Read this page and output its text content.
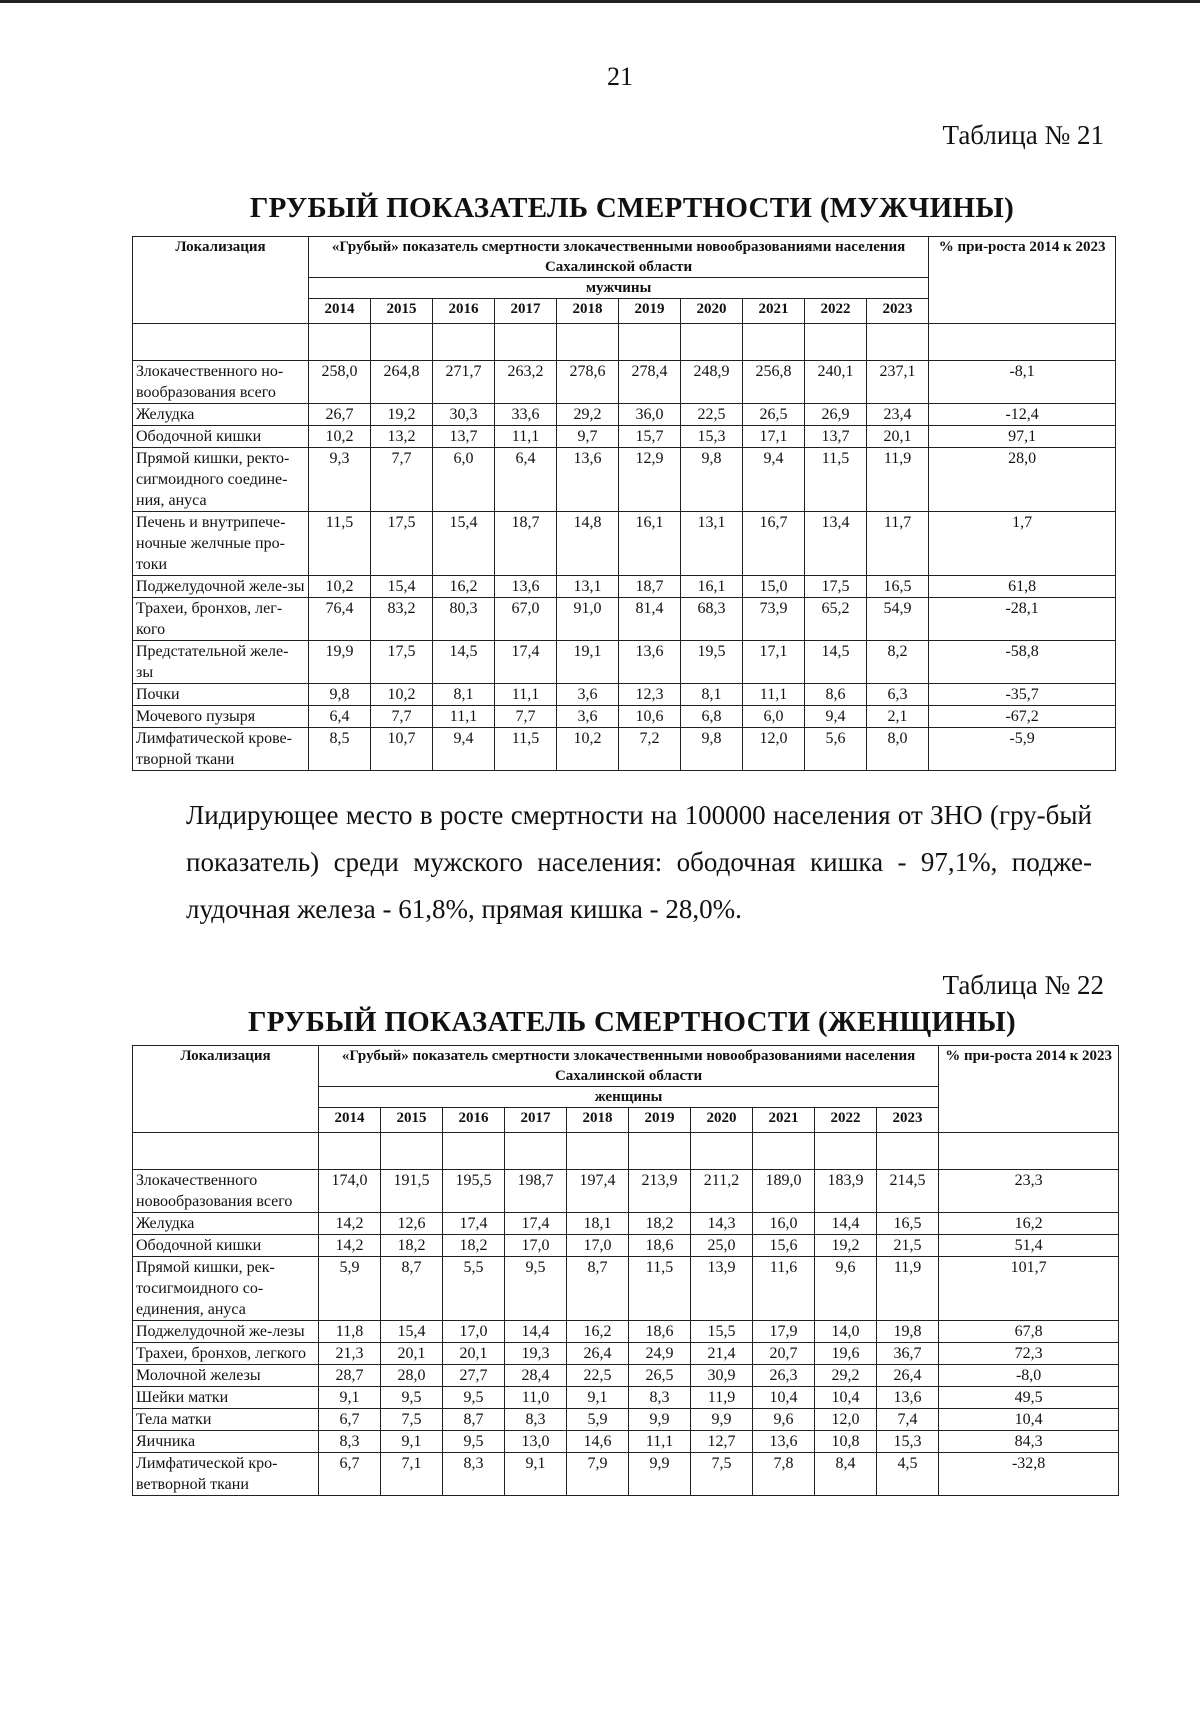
21
Таблица № 21
ГРУБЫЙ ПОКАЗАТЕЛЬ СМЕРТНОСТИ (МУЖЧИНЫ)
Локализация	«Грубый» показатель смертности злокачественными новообразованиями населения Сахалинской области										% при-роста 2014 к 2023
	мужчины										
	2014	2015	2016	2017	2018	2019	2020	2021	2022	2023	

Злокачественного но-вообразования всего	258,0	264,8	271,7	263,2	278,6	278,4	248,9	256,8	240,1	237,1	-8,1
Желудка	26,7	19,2	30,3	33,6	29,2	36,0	22,5	26,5	26,9	23,4	-12,4
Ободочной кишки	10,2	13,2	13,7	11,1	9,7	15,7	15,3	17,1	13,7	20,1	97,1
Прямой кишки, ректо-сигмоидного соедине-ния, ануса	9,3	7,7	6,0	6,4	13,6	12,9	9,8	9,4	11,5	11,9	28,0
Печень и внутрипече-ночные желчные про-токи	11,5	17,5	15,4	18,7	14,8	16,1	13,1	16,7	13,4	11,7	1,7
Поджелудочной желе-зы	10,2	15,4	16,2	13,6	13,1	18,7	16,1	15,0	17,5	16,5	61,8
Трахеи, бронхов, лег-кого	76,4	83,2	80,3	67,0	91,0	81,4	68,3	73,9	65,2	54,9	-28,1
Предстательной желе-зы	19,9	17,5	14,5	17,4	19,1	13,6	19,5	17,1	14,5	8,2	-58,8
Почки	9,8	10,2	8,1	11,1	3,6	12,3	8,1	11,1	8,6	6,3	-35,7
Мочевого пузыря	6,4	7,7	11,1	7,7	3,6	10,6	6,8	6,0	9,4	2,1	-67,2
Лимфатической крове-творной ткани	8,5	10,7	9,4	11,5	10,2	7,2	9,8	12,0	5,6	8,0	-5,9
Лидирующее место в росте смертности на 100000 населения от ЗНО (гру-бый показатель) среди мужского населения: ободочная кишка - 97,1%, подже-лудочная железа - 61,8%, прямая кишка - 28,0%.
Таблица № 22
ГРУБЫЙ ПОКАЗАТЕЛЬ СМЕРТНОСТИ (ЖЕНЩИНЫ)
Локализация	«Грубый» показатель смертности злокачественными новообразованиями населения Сахалинской области										% при-роста 2014 к 2023
	женщины										
	2014	2015	2016	2017	2018	2019	2020	2021	2022	2023	

Злокачественного новообразования всего	174,0	191,5	195,5	198,7	197,4	213,9	211,2	189,0	183,9	214,5	23,3
Желудка	14,2	12,6	17,4	17,4	18,1	18,2	14,3	16,0	14,4	16,5	16,2
Ободочной кишки	14,2	18,2	18,2	17,0	17,0	18,6	25,0	15,6	19,2	21,5	51,4
Прямой кишки, рек-тосигмоидного со-единения, ануса	5,9	8,7	5,5	9,5	8,7	11,5	13,9	11,6	9,6	11,9	101,7
Поджелудочной же-лезы	11,8	15,4	17,0	14,4	16,2	18,6	15,5	17,9	14,0	19,8	67,8
Трахеи, бронхов, легкого	21,3	20,1	20,1	19,3	26,4	24,9	21,4	20,7	19,6	36,7	72,3
Молочной железы	28,7	28,0	27,7	28,4	22,5	26,5	30,9	26,3	29,2	26,4	-8,0
Шейки матки	9,1	9,5	9,5	11,0	9,1	8,3	11,9	10,4	10,4	13,6	49,5
Тела матки	6,7	7,5	8,7	8,3	5,9	9,9	9,9	9,6	12,0	7,4	10,4
Яичника	8,3	9,1	9,5	13,0	14,6	11,1	12,7	13,6	10,8	15,3	84,3
Лимфатической кро-ветворной ткани	6,7	7,1	8,3	9,1	7,9	9,9	7,5	7,8	8,4	4,5	-32,8
